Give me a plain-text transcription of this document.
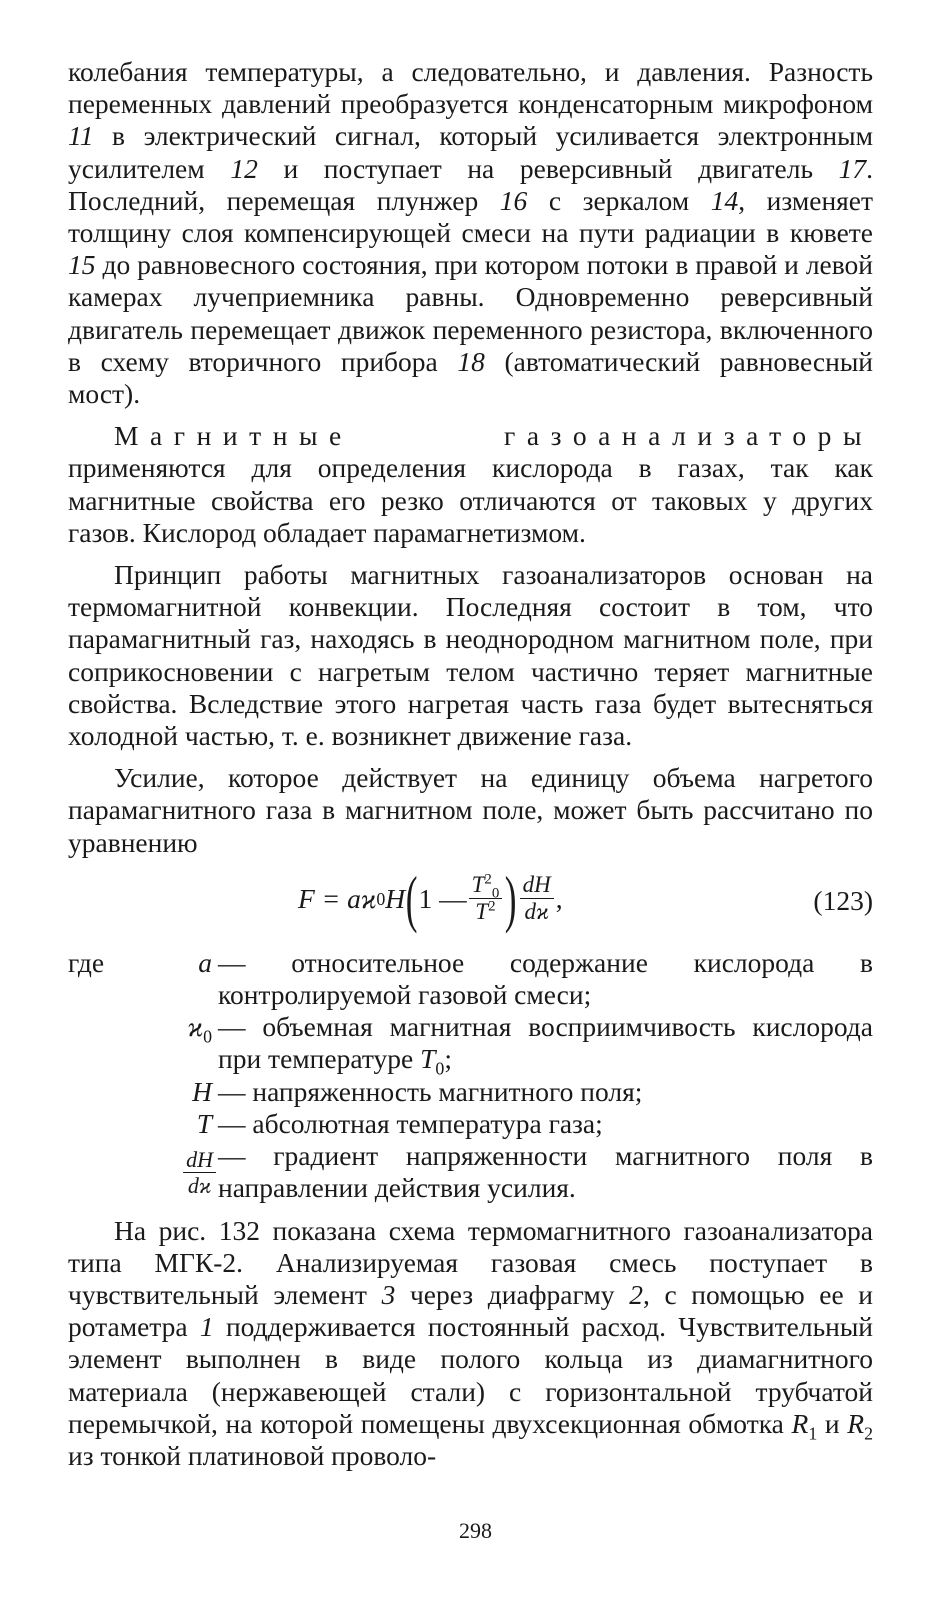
колебания температуры, а следовательно, и давления. Разность переменных давлений преобразуется конденсаторным микрофоном 11 в электрический сигнал, который усиливается электронным усилителем 12 и поступает на реверсивный двигатель 17. Последний, перемещая плунжер 16 с зеркалом 14, изменяет толщину слоя компенсирующей смеси на пути радиации в кювете 15 до равновесного состояния, при котором потоки в правой и левой камерах лучеприемника равны. Одновременно реверсивный двигатель перемещает движок переменного резистора, включенного в схему вторичного прибора 18 (автоматический равновесный мост).

Магнитные газоанализаторы применяются для определения кислорода в газах, так как магнитные свойства его резко отличаются от таковых у других газов. Кислород обладает парамагнетизмом.

Принцип работы магнитных газоанализаторов основан на термомагнитной конвекции. Последняя состоит в том, что парамагнитный газ, находясь в неоднородном магнитном поле, при соприкосновении с нагретым телом частично теряет магнитные свойства. Вследствие этого нагретая часть газа будет вытесняться холодной частью, т. е. возникнет движение газа.

Усилие, которое действует на единицу объема нагретого парамагнитного газа в магнитном поле, может быть рассчитано по уравнению

F = aϰ 0 H ( 1 — $\frac{T^2_0}{T^2}$ ) $\frac{dH}{dϰ}$ ,	(123)
где	a — относительное содержание кислорода в контролируемой газовой смеси;
$ϰ_0$ — объемная магнитная восприимчивость кислорода при температуре $T_0$;
H — напряженность магнитного поля;
T — абсолютная температура газа;
$\frac{dH}{dϰ}$ — градиент напряженности магнитного поля в направлении действия усилия.

На рис. 132 показана схема термомагнитного газоанализатора типа МГК-2. Анализируемая газовая смесь поступает в чувствительный элемент 3 через диафрагму 2, с помощью ее и ротаметра 1 поддерживается постоянный расход. Чувствительный элемент выполнен в виде полого кольца из диамагнитного материала (нержавеющей стали) с горизонтальной трубчатой перемычкой, на которой помещены двухсекционная обмотка $R_1$ и $R_2$ из тонкой платиновой проволо-

298
